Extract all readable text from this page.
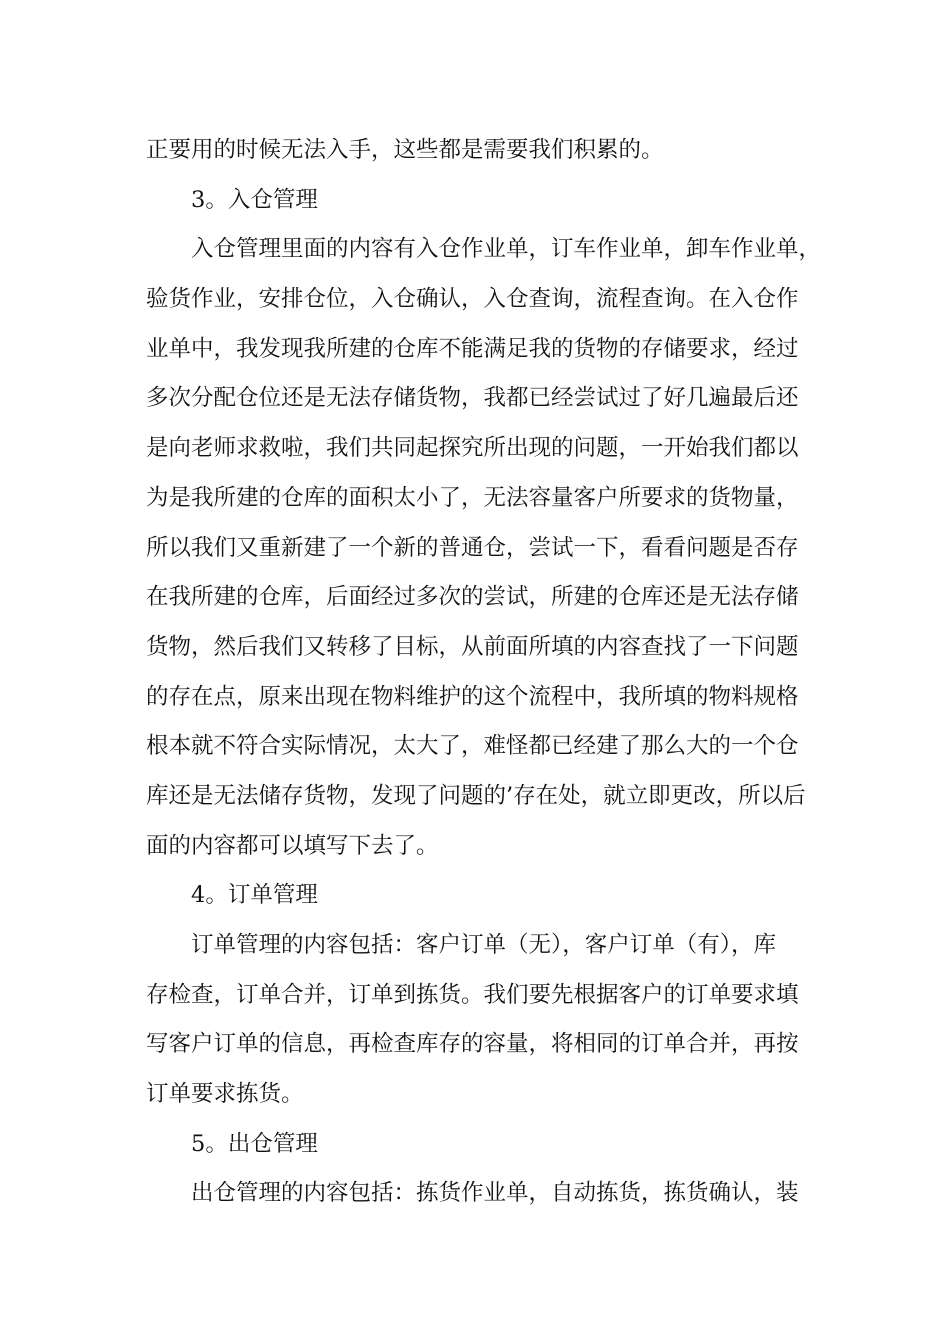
正要用的时候无法入手，这些都是需要我们积累的。
3。入仓管理
入仓管理里面的内容有入仓作业单，订车作业单，卸车作业单，
验货作业，安排仓位，入仓确认，入仓查询，流程查询。在入仓作
业单中，我发现我所建的仓库不能满足我的货物的存储要求，经过
多次分配仓位还是无法存储货物，我都已经尝试过了好几遍最后还
是向老师求救啦，我们共同起探究所出现的问题，一开始我们都以
为是我所建的仓库的面积太小了，无法容量客户所要求的货物量，
所以我们又重新建了一个新的普通仓，尝试一下，看看问题是否存
在我所建的仓库，后面经过多次的尝试，所建的仓库还是无法存储
货物，然后我们又转移了目标，从前面所填的内容查找了一下问题
的存在点，原来出现在物料维护的这个流程中，我所填的物料规格
根本就不符合实际情况，太大了，难怪都已经建了那么大的一个仓
库还是无法储存货物，发现了问题的’存在处，就立即更改，所以后
面的内容都可以填写下去了。
4。订单管理
订单管理的内容包括：客户订单（无），客户订单（有），库
存检查，订单合并，订单到拣货。我们要先根据客户的订单要求填
写客户订单的信息，再检查库存的容量，将相同的订单合并，再按
订单要求拣货。
5。出仓管理
出仓管理的内容包括：拣货作业单，自动拣货，拣货确认，装
